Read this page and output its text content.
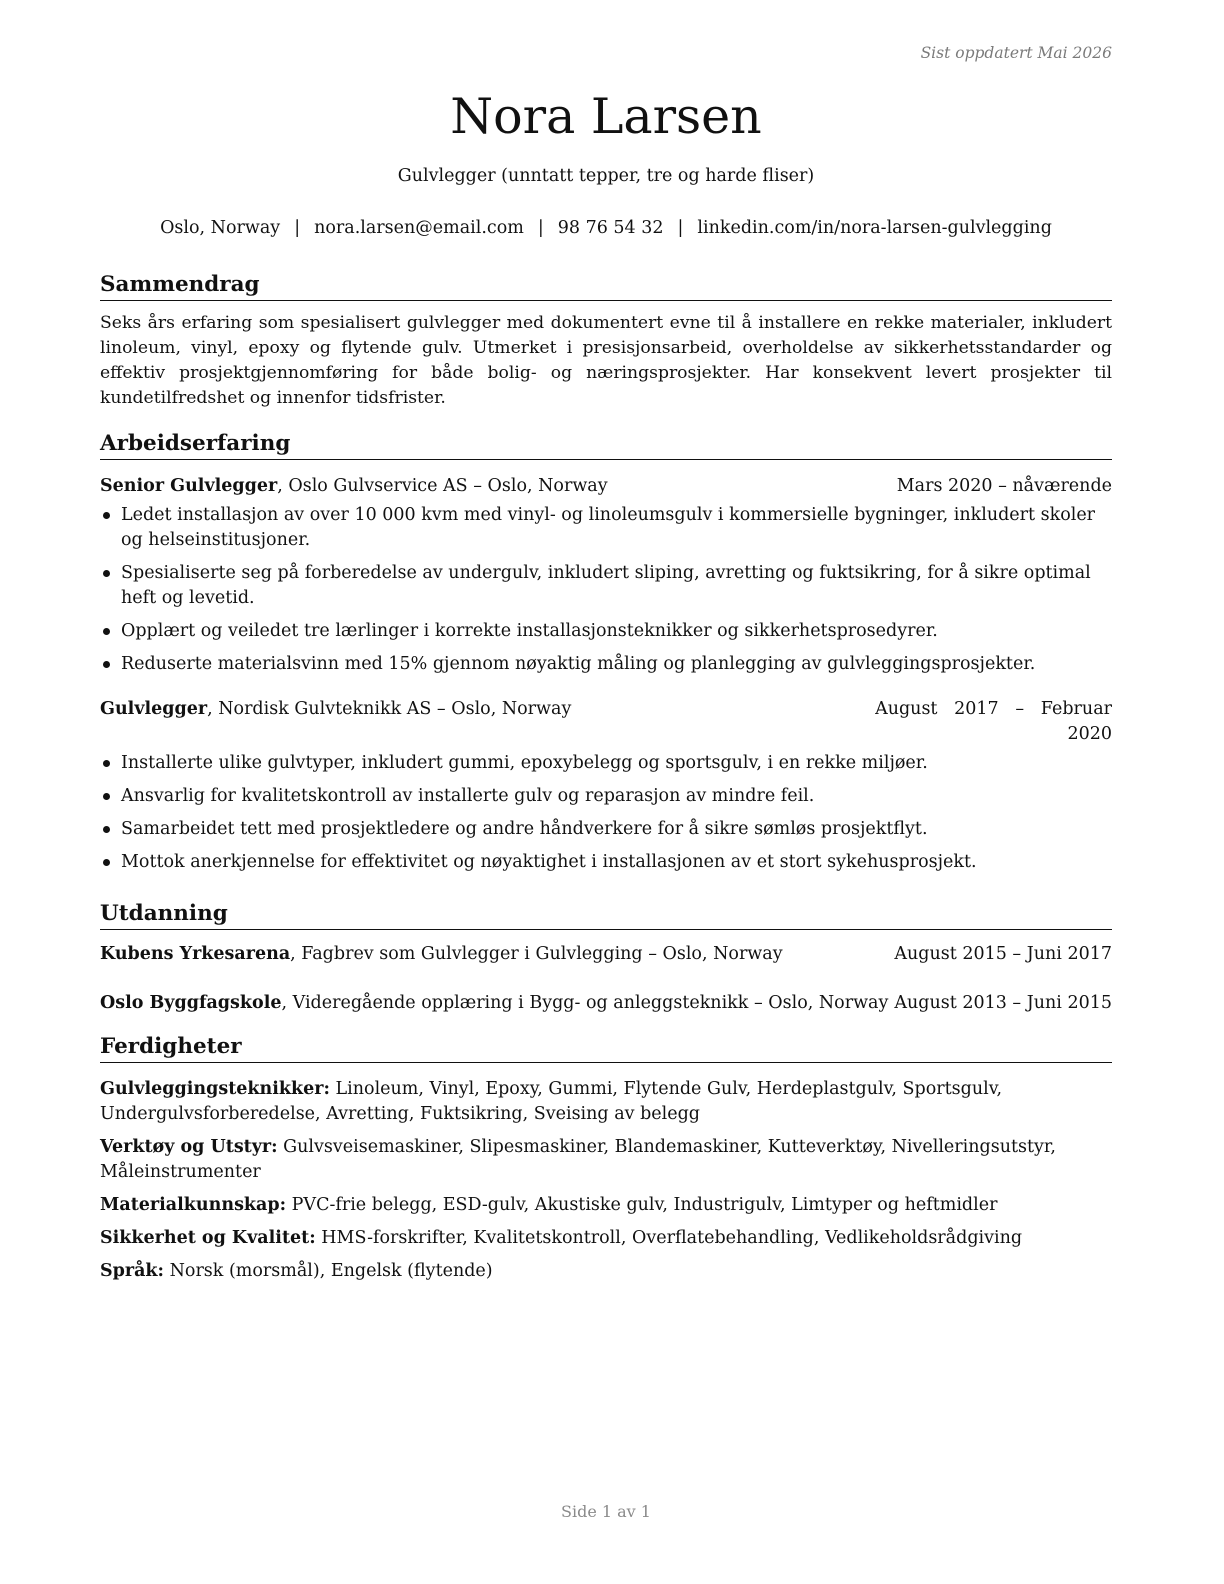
Sist oppdatert Mai 2026
Nora Larsen
Gulvlegger (unntatt tepper, tre og harde fliser)
Oslo, Norway | nora.larsen@email.com | 98 76 54 32 | linkedin.com/in/nora-larsen-gulvlegging
Sammendrag

Seks års erfaring som spesialisert gulvlegger med dokumentert evne til å installere en rekke materialer, inkludert linoleum, vinyl, epoxy og flytende gulv. Utmerket i presisjonsarbeid, overholdelse av sikkerhetsstandarder og effektiv prosjektgjennomføring for både bolig- og næringsprosjekter. Har konsekvent levert prosjekter til kundetilfredshet og innenfor tidsfrister.

Arbeidserfaring
Senior Gulvlegger, Oslo Gulvservice AS – Oslo, Norway	Mars 2020 – nåværende
Ledet installasjon av over 10 000 kvm med vinyl- og linoleumsgulv i kommersielle bygninger, inkludert skoler og helseinstitusjoner.
Spesialiserte seg på forberedelse av undergulv, inkludert sliping, avretting og fuktsikring, for å sikre optimal heft og levetid.
Opplært og veiledet tre lærlinger i korrekte installasjonsteknikker og sikkerhetsprosedyrer.
Reduserte materialsvinn med 15% gjennom nøyaktig måling og planlegging av gulvleggingsprosjekter.
Gulvlegger, Nordisk Gulvteknikk AS – Oslo, Norway	August   2017   –   Februar
2020
Installerte ulike gulvtyper, inkludert gummi, epoxybelegg og sportsgulv, i en rekke miljøer.
Ansvarlig for kvalitetskontroll av installerte gulv og reparasjon av mindre feil.
Samarbeidet tett med prosjektledere og andre håndverkere for å sikre sømløs prosjektflyt.
Mottok anerkjennelse for effektivitet og nøyaktighet i installasjonen av et stort sykehusprosjekt.
Utdanning
Kubens Yrkesarena, Fagbrev som Gulvlegger i Gulvlegging – Oslo, Norway	August 2015 – Juni 2017
Oslo Byggfagskole, Videregående opplæring i Bygg- og anleggsteknikk – Oslo, Norway August 2013 – Juni 2015
Ferdigheter
Gulvleggingsteknikker: Linoleum, Vinyl, Epoxy, Gummi, Flytende Gulv, Herdeplastgulv, Sportsgulv, Undergulvsforberedelse, Avretting, Fuktsikring, Sveising av belegg
Verktøy og Utstyr: Gulvsveisemaskiner, Slipesmaskiner, Blandemaskiner, Kutteverktøy, Nivelleringsutstyr, Måleinstrumenter
Materialkunnskap: PVC-frie belegg, ESD-gulv, Akustiske gulv, Industrigulv, Limtyper og heftmidler
Sikkerhet og Kvalitet: HMS-forskrifter, Kvalitetskontroll, Overflatebehandling, Vedlikeholdsrådgiving
Språk: Norsk (morsmål), Engelsk (flytende)
Side 1 av 1
